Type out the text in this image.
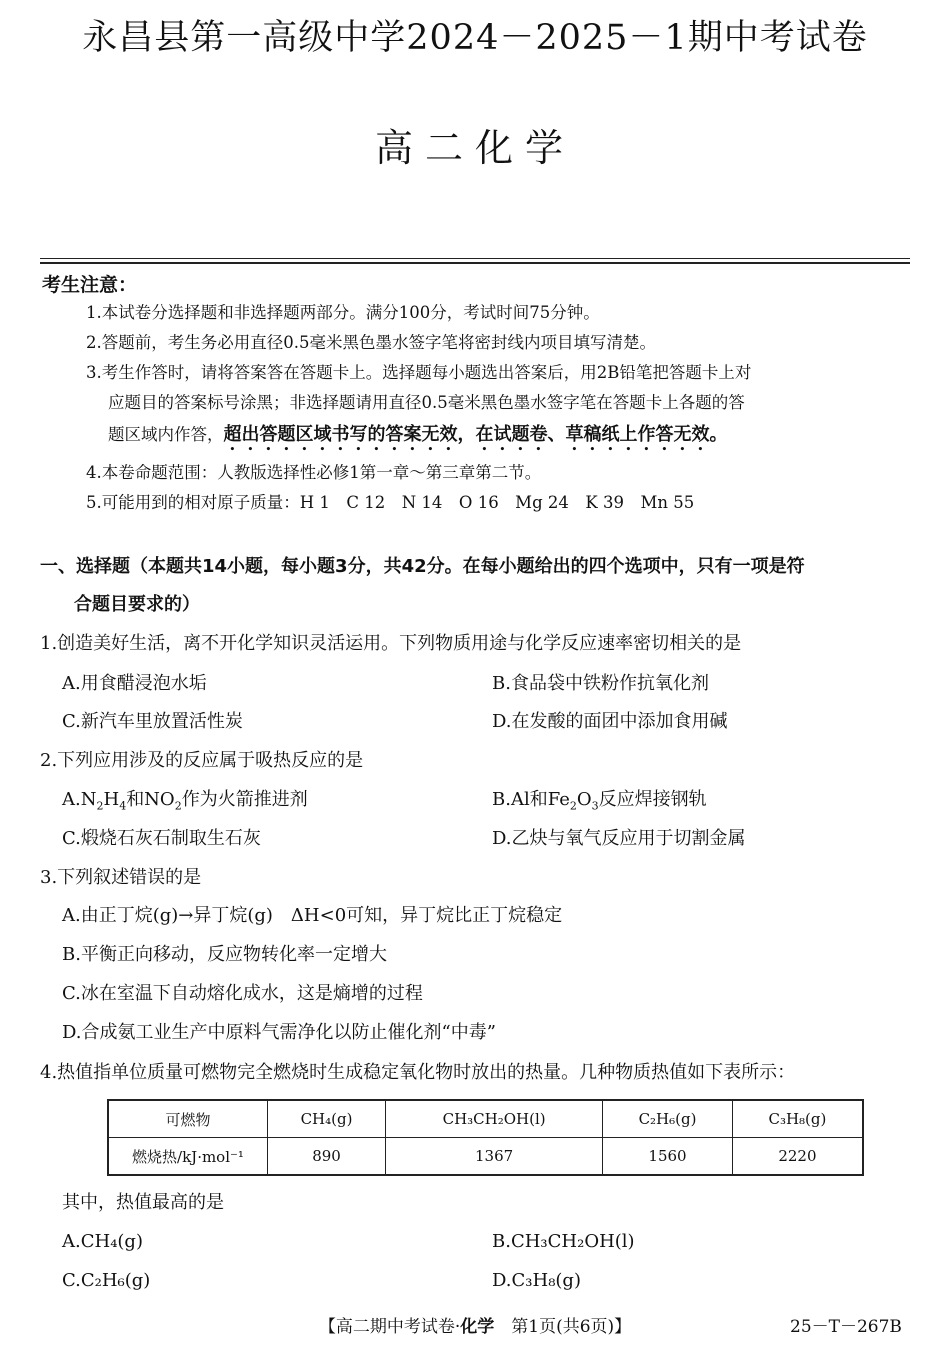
永昌县第一高级中学2024－2025－1期中考试卷
高二化学
考生注意：
1.本试卷分选择题和非选择题两部分。满分100分，考试时间75分钟。
2.答题前，考生务必用直径0.5毫米黑色墨水签字笔将密封线内项目填写清楚。
3.考生作答时，请将答案答在答题卡上。选择题每小题选出答案后，用2B铅笔把答题卡上对
应题目的答案标号涂黑；非选择题请用直径0.5毫米黑色墨水签字笔在答题卡上各题的答
题区域内作答，超出答题区域书写的答案无效，在试题卷、草稿纸上作答无效。
4.本卷命题范围：人教版选择性必修1第一章～第三章第二节。
5.可能用到的相对原子质量：H 1　C 12　N 14　O 16　Mg 24　K 39　Mn 55
一、选择题（本题共14小题，每小题3分，共42分。在每小题给出的四个选项中，只有一项是符
合题目要求的）
1.创造美好生活，离不开化学知识灵活运用。下列物质用途与化学反应速率密切相关的是
A.用食醋浸泡水垢	B.食品袋中铁粉作抗氧化剂
C.新汽车里放置活性炭	D.在发酸的面团中添加食用碱
2.下列应用涉及的反应属于吸热反应的是
$A.N_2H_4$和$NO_2$作为火箭推进剂	B.Al和$Fe_2O_3$反应焊接钢轨
C.煅烧石灰石制取生石灰	D.乙炔与氧气反应用于切割金属
3.下列叙述错误的是
A.由正丁烷(g)→异丁烷(g)　ΔH<0可知，异丁烷比正丁烷稳定
B.平衡正向移动，反应物转化率一定增大
C.冰在室温下自动熔化成水，这是熵增的过程
D.合成氨工业生产中原料气需净化以防止催化剂“中毒”
4.热值指单位质量可燃物完全燃烧时生成稳定氧化物时放出的热量。几种物质热值如下表所示：
可燃物	CH₄(g)	CH₃CH₂OH(l)	C₂H₆(g)	C₃H₈(g)
燃烧热/kJ·mol⁻¹	890	1367	1560	2220
其中，热值最高的是
A.CH₄(g)	B.CH₃CH₂OH(l)
C.C₂H₆(g)	D.C₃H₈(g)
【高二期中考试卷·化学　第1页(共6页)】	25－T－267B
